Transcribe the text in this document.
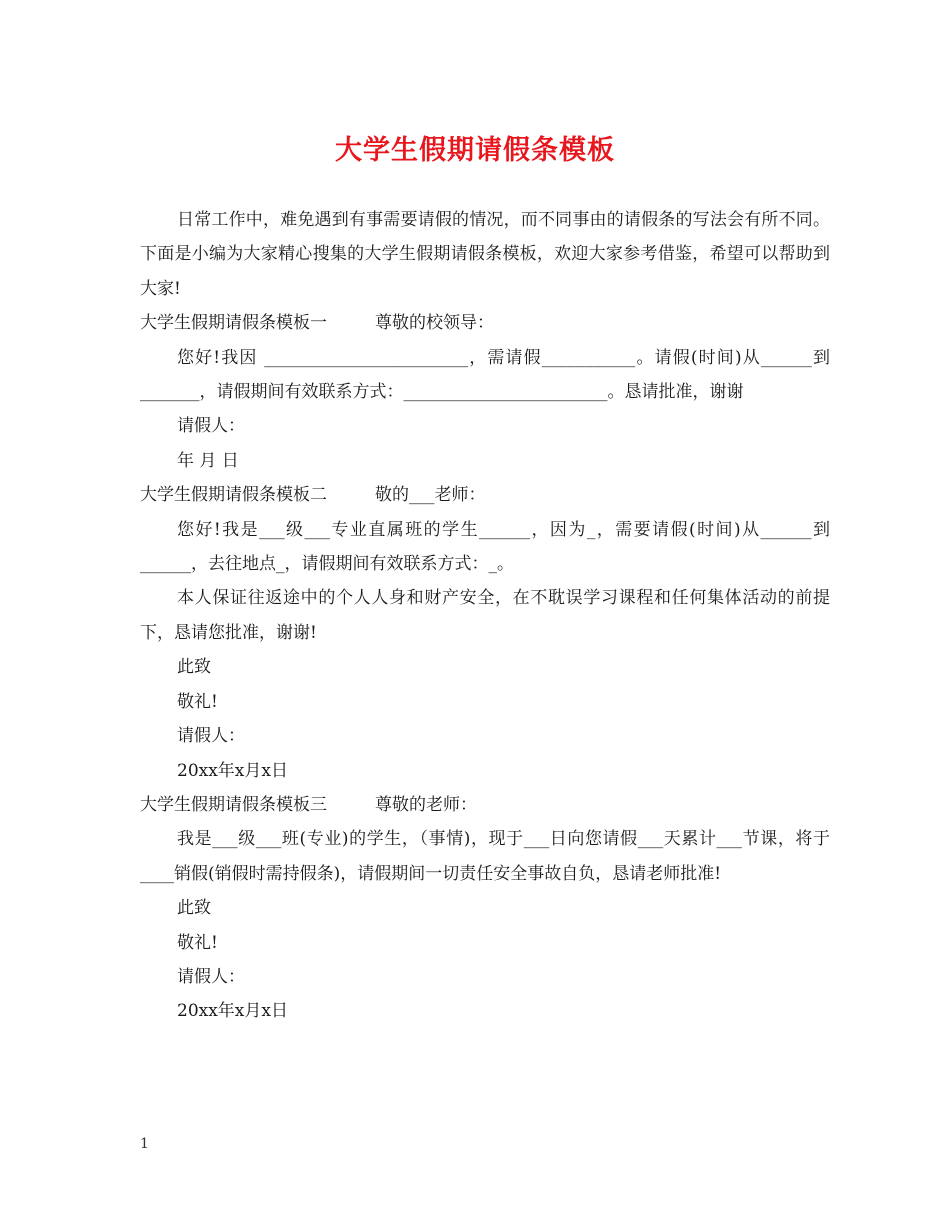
大学生假期请假条模板

日常工作中，难免遇到有事需要请假的情况，而不同事由的请假条的写法会有所不同。下面是小编为大家精心搜集的大学生假期请假条模板，欢迎大家参考借鉴，希望可以帮助到大家!

大学生假期请假条模板一	尊敬的校领导：

您好!我因 ________________________，需请假___________。请假(时间)从______到_______，请假期间有效联系方式：________________________。恳请批准，谢谢

请假人：

年 月 日

大学生假期请假条模板二	敬的___老师：

您好!我是___级___专业直属班的学生______，因为_，需要请假(时间)从______到______，去往地点_，请假期间有效联系方式：_。

本人保证往返途中的个人人身和财产安全，在不耽误学习课程和任何集体活动的前提下，恳请您批准，谢谢!

此致

敬礼!

请假人：

20xx年x月x日

大学生假期请假条模板三	尊敬的老师：

我是___级___班(专业)的学生，（事情)，现于___日向您请假___天累计___节课，将于____销假(销假时需持假条)，请假期间一切责任安全事故自负，恳请老师批准!

此致

敬礼!

请假人：

20xx年x月x日

1
